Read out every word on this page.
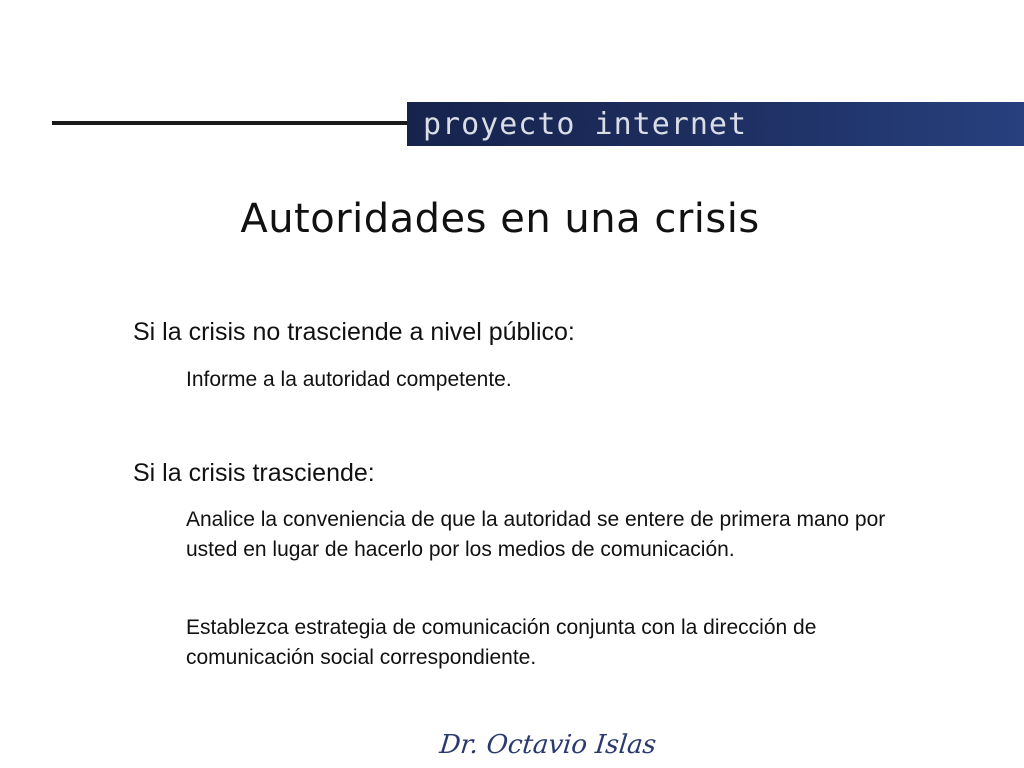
proyecto internet
Autoridades en una crisis
Si la crisis no trasciende a nivel público:
Informe a la autoridad competente.
Si la crisis trasciende:
Analice la conveniencia de que la autoridad se entere de primera mano por usted en lugar de hacerlo por los medios de comunicación.
Establezca estrategia de comunicación conjunta con la dirección de comunicación social correspondiente.
Dr. Octavio Islas
